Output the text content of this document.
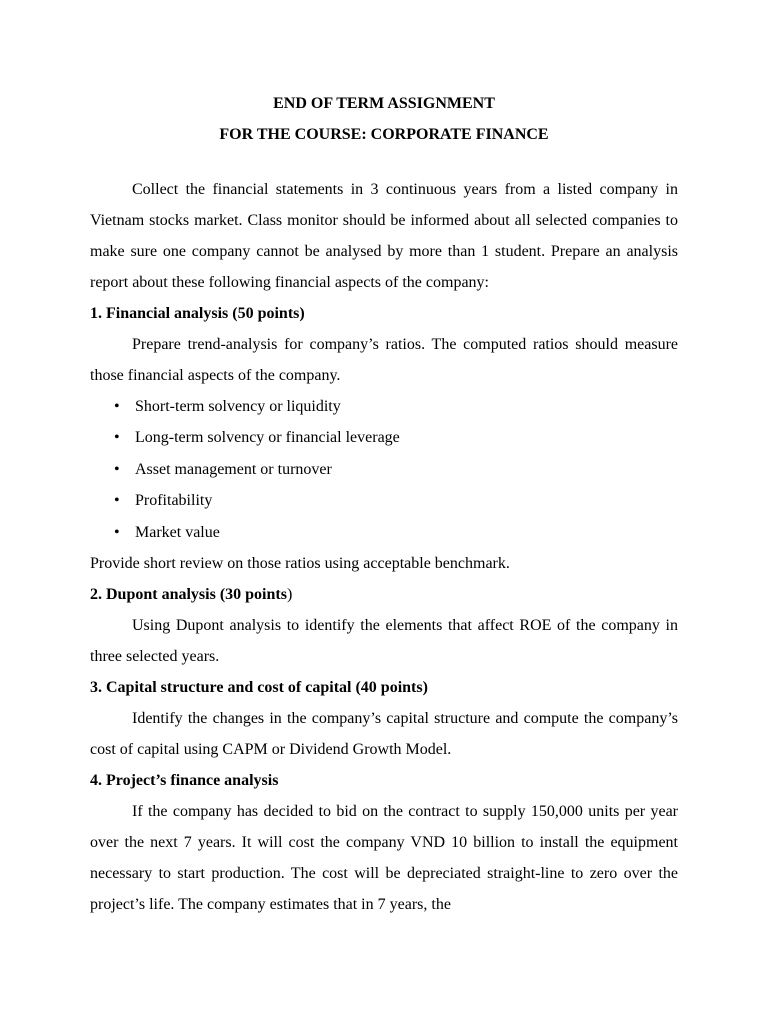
END OF TERM ASSIGNMENT

FOR THE COURSE: CORPORATE FINANCE

Collect the financial statements in 3 continuous years from a listed company in Vietnam stocks market. Class monitor should be informed about all selected companies to make sure one company cannot be analysed by more than 1 student. Prepare an analysis report about these following financial aspects of the company:

1. Financial analysis (50 points)

Prepare trend-analysis for company’s ratios. The computed ratios should measure those financial aspects of the company.

• Short-term solvency or liquidity
• Long-term solvency or financial leverage
• Asset management or turnover
• Profitability
• Market value

Provide short review on those ratios using acceptable benchmark.

2. Dupont analysis (30 points)

Using Dupont analysis to identify the elements that affect ROE of the company in three selected years.

3. Capital structure and cost of capital (40 points)

Identify the changes in the company’s capital structure and compute the company’s cost of capital using CAPM or Dividend Growth Model.

4. Project’s finance analysis

If the company has decided to bid on the contract to supply 150,000 units per year over the next 7 years. It will cost the company VND 10 billion to install the equipment necessary to start production. The cost will be depreciated straight-line to zero over the project’s life. The company estimates that in 7 years, the
